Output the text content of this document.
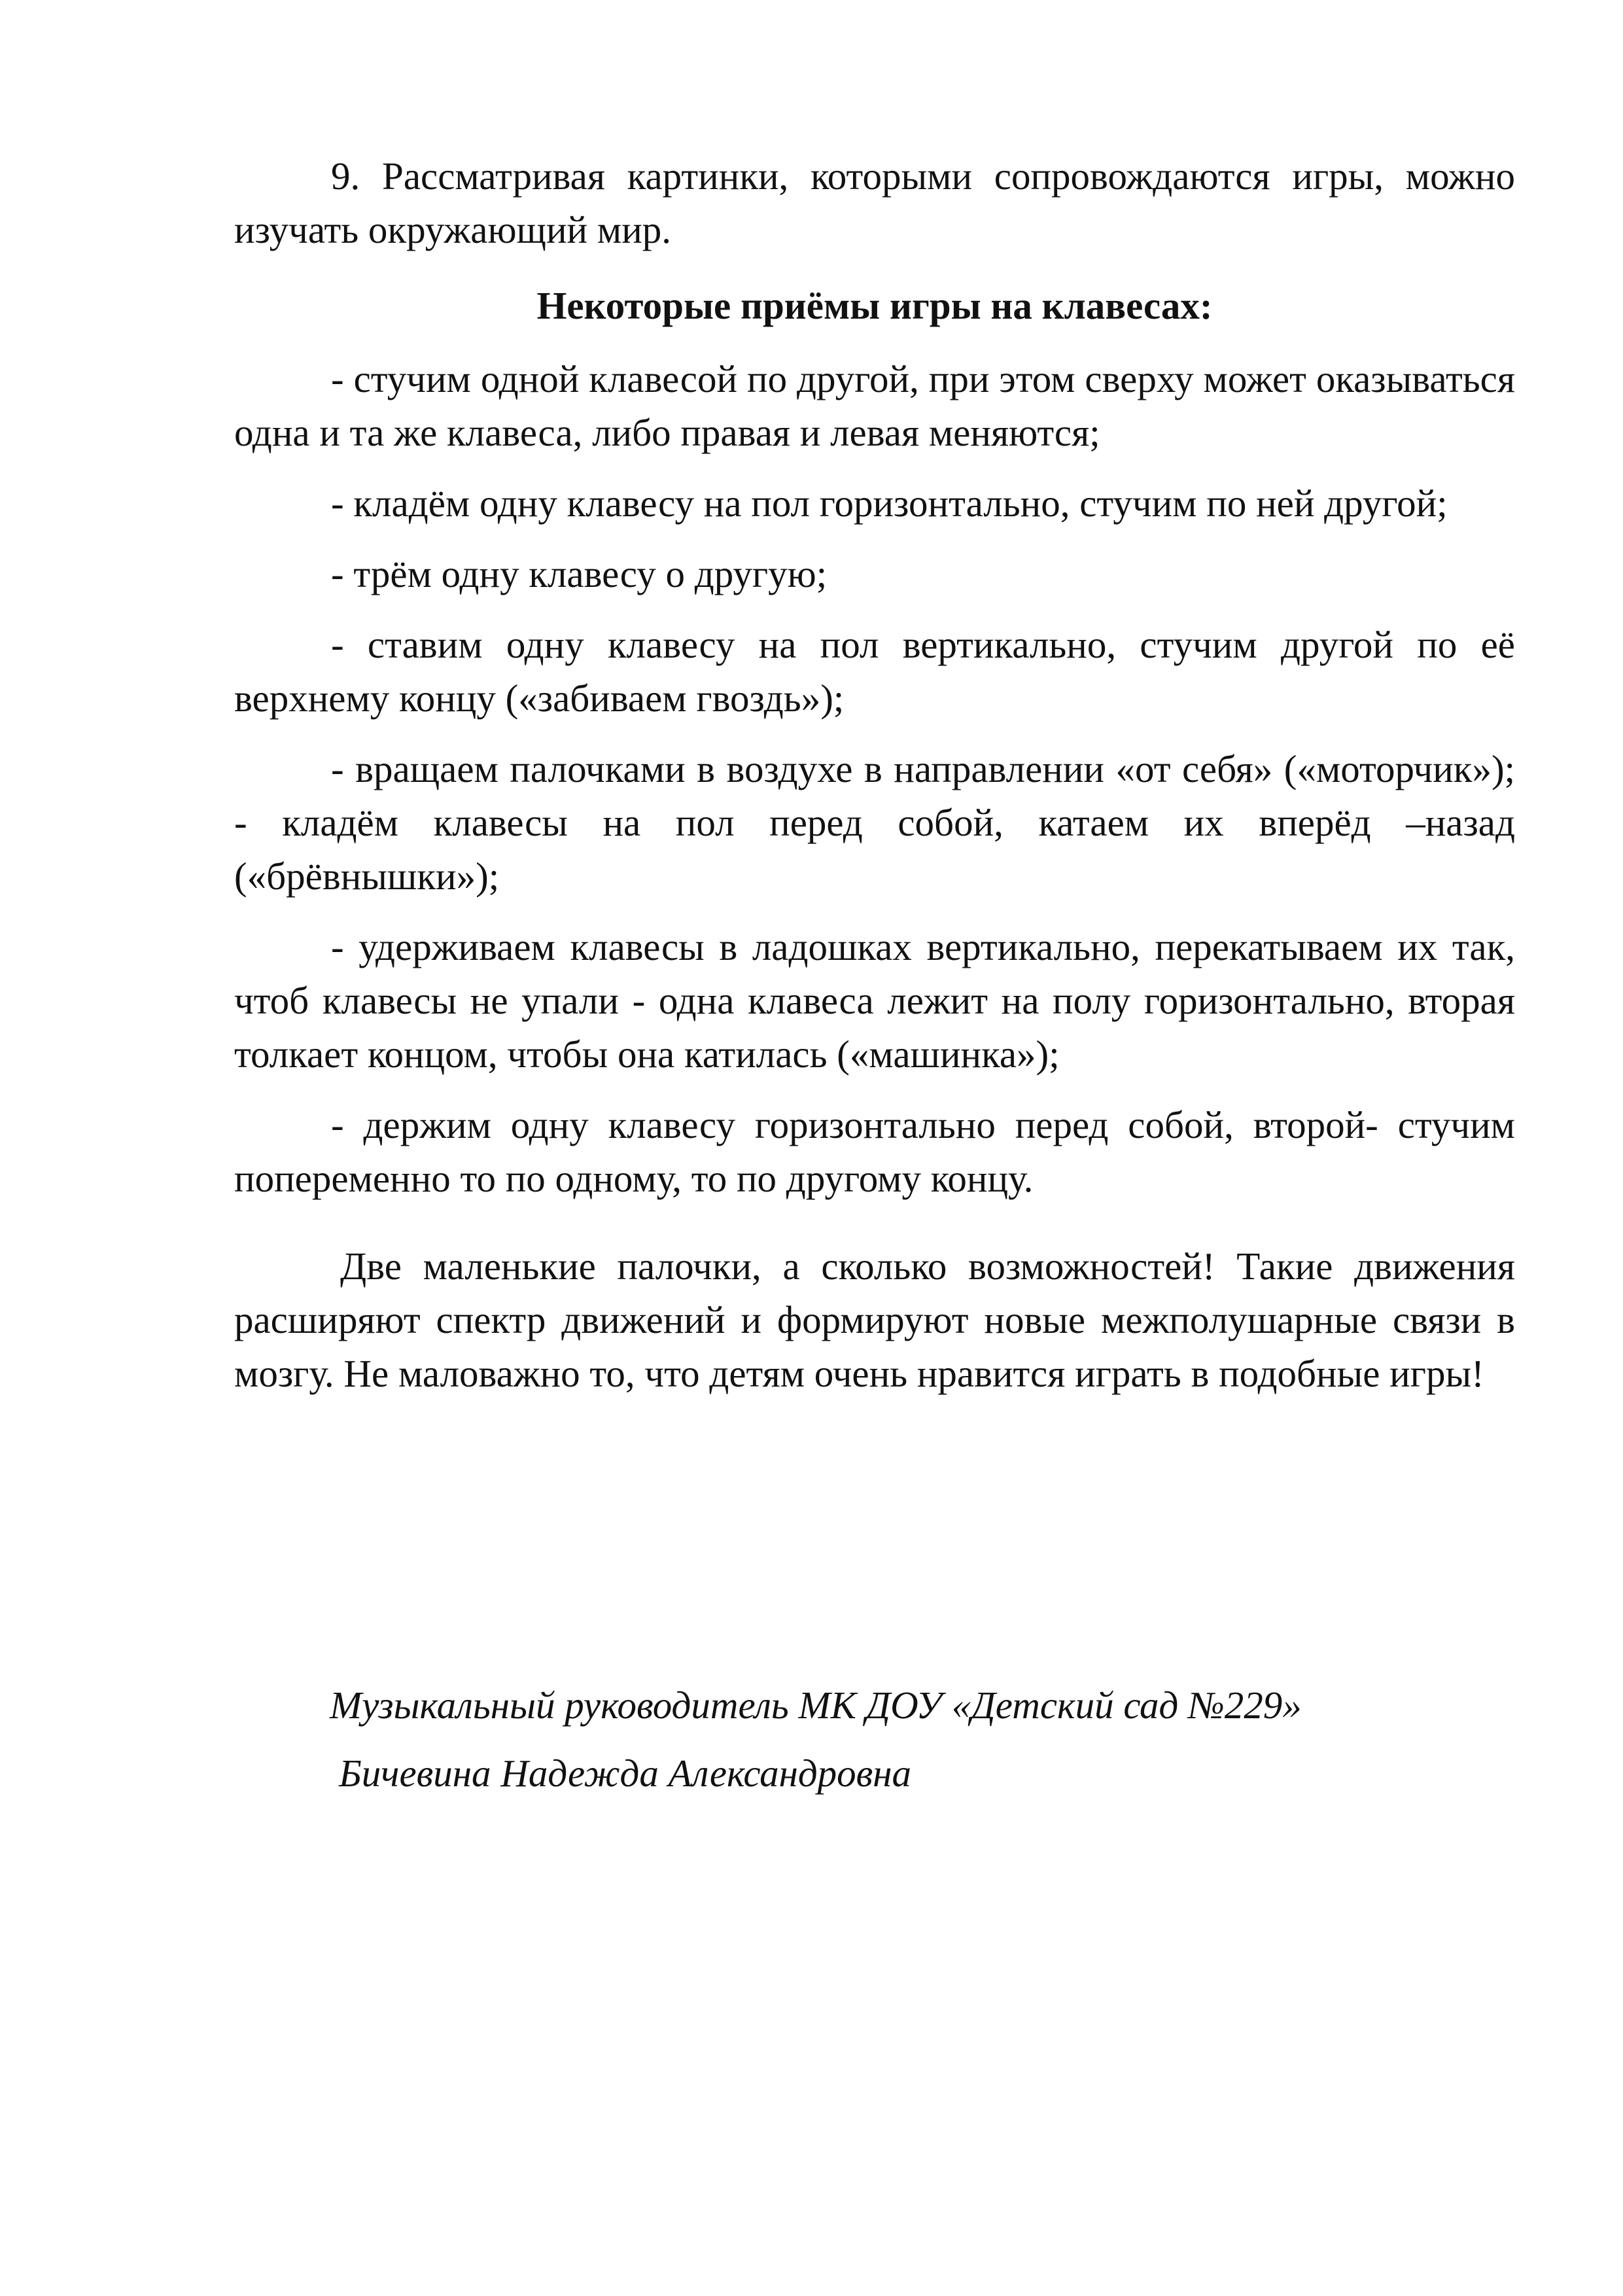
9. Рассматривая картинки, которыми сопровождаются игры, можно изучать окружающий мир.

Некоторые приёмы игры на клавесах:

- стучим одной клавесой по другой, при этом сверху может оказываться одна и та же клавеса, либо правая и левая меняются;

- кладём одну клавесу на пол горизонтально, стучим по ней другой;

- трём одну клавесу о другую;

- ставим одну клавесу на пол вертикально, стучим другой по её верхнему концу («забиваем гвоздь»);

- вращаем палочками в воздухе в направлении «от себя» («моторчик»); - кладём клавесы на пол перед собой, катаем их вперёд –назад («брёвнышки»);

- удерживаем клавесы в ладошках вертикально, перекатываем их так, чтоб клавесы не упали - одна клавеса лежит на полу горизонтально, вторая толкает концом, чтобы она катилась («машинка»);

- держим одну клавесу горизонтально перед собой, второй- стучим попеременно то по одному, то по другому концу.

Две маленькие палочки, а сколько возможностей! Такие движения расширяют спектр движений и формируют новые межполушарные связи в мозгу. Не маловажно то, что детям очень нравится играть в подобные игры!

Музыкальный руководитель МК ДОУ «Детский сад №229»
Бичевина Надежда Александровна
